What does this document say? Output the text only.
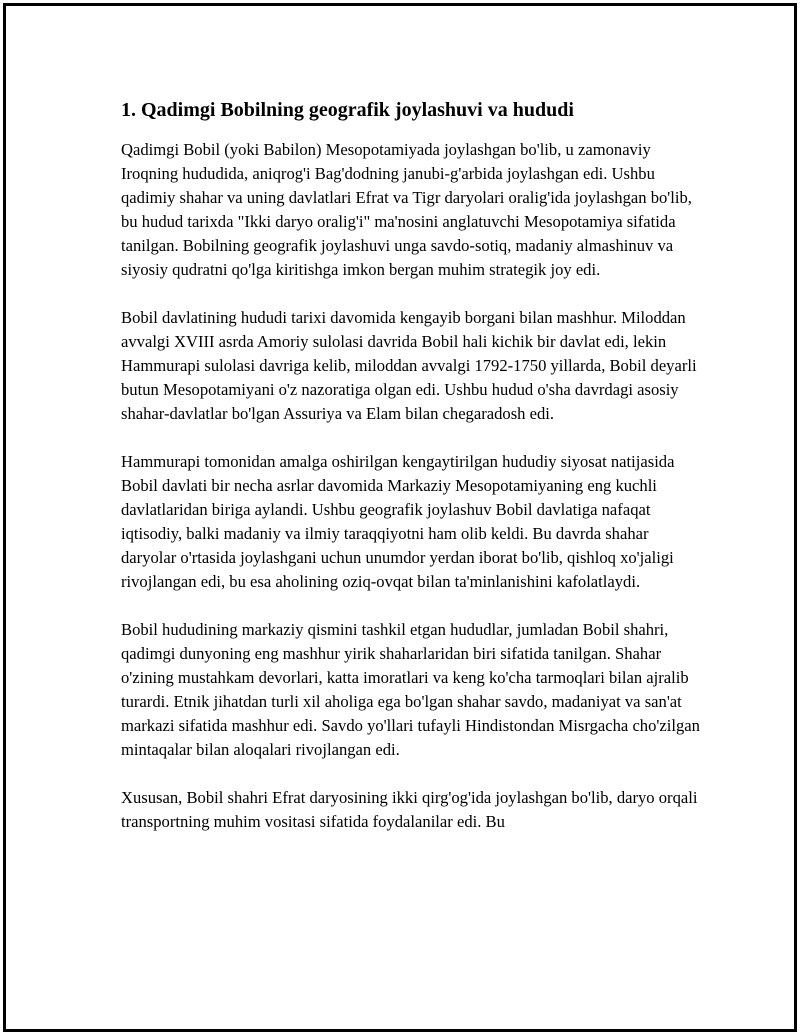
1. Qadimgi Bobilning geografik joylashuvi va hududi

Qadimgi Bobil (yoki Babilon) Mesopotamiyada joylashgan bo'lib, u zamonaviy Iroqning hududida, aniqrog'i Bag'dodning janubi-g'arbida joylashgan edi. Ushbu qadimiy shahar va uning davlatlari Efrat va Tigr daryolari oralig'ida joylashgan bo'lib, bu hudud tarixda "Ikki daryo oralig'i" ma'nosini anglatuvchi Mesopotamiya sifatida tanilgan. Bobilning geografik joylashuvi unga savdo-sotiq, madaniy almashinuv va siyosiy qudratni qo'lga kiritishga imkon bergan muhim strategik joy edi.

Bobil davlatining hududi tarixi davomida kengayib borgani bilan mashhur. Miloddan avvalgi XVIII asrda Amoriy sulolasi davrida Bobil hali kichik bir davlat edi, lekin Hammurapi sulolasi davriga kelib, miloddan avvalgi 1792-1750 yillarda, Bobil deyarli butun Mesopotamiyani o'z nazoratiga olgan edi. Ushbu hudud o'sha davrdagi asosiy shahar-davlatlar bo'lgan Assuriya va Elam bilan chegaradosh edi.

Hammurapi tomonidan amalga oshirilgan kengaytirilgan hududiy siyosat natijasida Bobil davlati bir necha asrlar davomida Markaziy Mesopotamiyaning eng kuchli davlatlaridan biriga aylandi. Ushbu geografik joylashuv Bobil davlatiga nafaqat iqtisodiy, balki madaniy va ilmiy taraqqiyotni ham olib keldi. Bu davrda shahar daryolar o'rtasida joylashgani uchun unumdor yerdan iborat bo'lib, qishloq xo'jaligi rivojlangan edi, bu esa aholining oziq-ovqat bilan ta'minlanishini kafolatlaydi.

Bobil hududining markaziy qismini tashkil etgan hududlar, jumladan Bobil shahri, qadimgi dunyoning eng mashhur yirik shaharlaridan biri sifatida tanilgan. Shahar o'zining mustahkam devorlari, katta imoratlari va keng ko'cha tarmoqlari bilan ajralib turardi. Etnik jihatdan turli xil aholiga ega bo'lgan shahar savdo, madaniyat va san'at markazi sifatida mashhur edi. Savdo yo'llari tufayli Hindistondan Misrgacha cho'zilgan mintaqalar bilan aloqalari rivojlangan edi.

Xususan, Bobil shahri Efrat daryosining ikki qirg'og'ida joylashgan bo'lib, daryo orqali transportning muhim vositasi sifatida foydalanilar edi. Bu
